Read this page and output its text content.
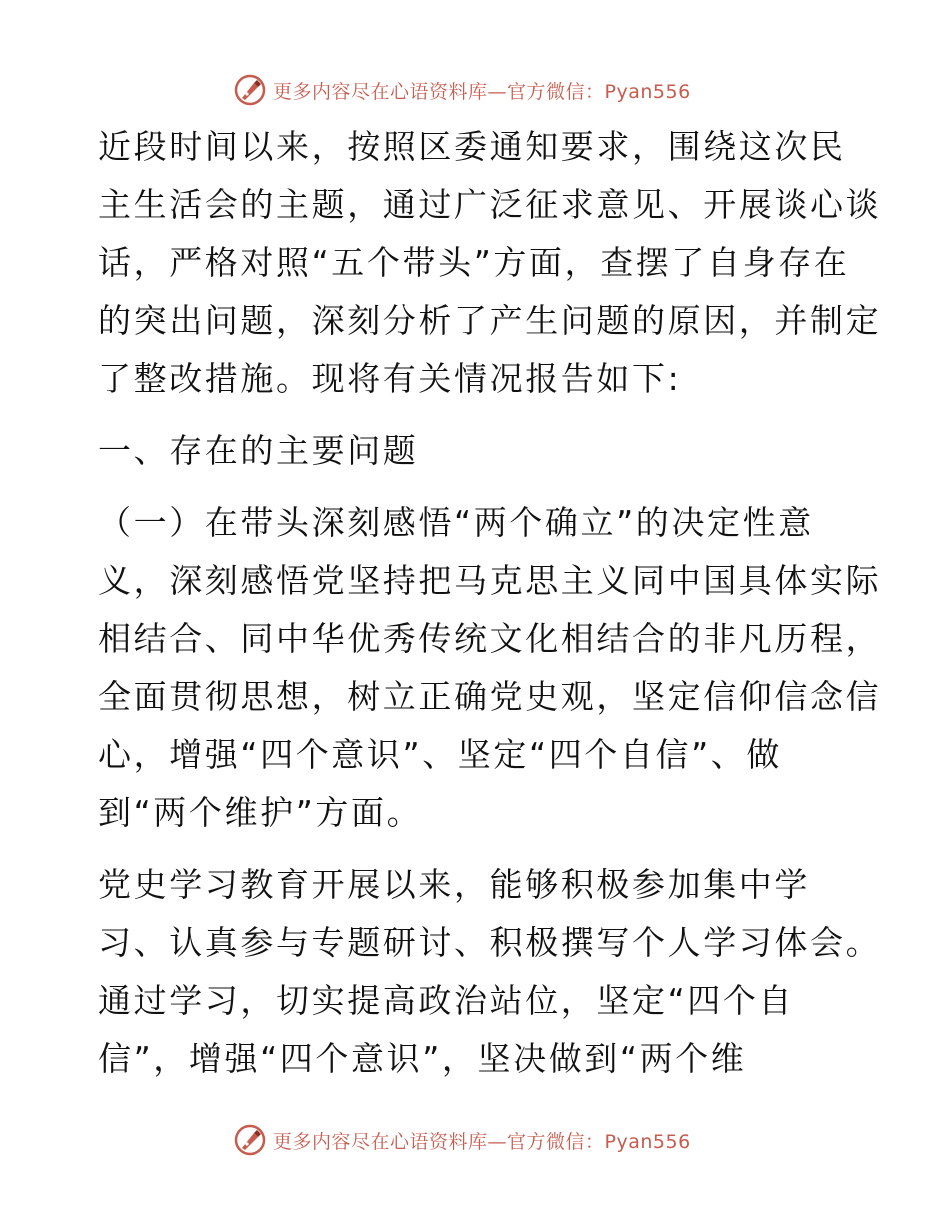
更多内容尽在心语资料库—官方微信：Pyan556
近段时间以来，按照区委通知要求，围绕这次民
主生活会的主题，通过广泛征求意见、开展谈心谈
话，严格对照“五个带头”方面，查摆了自身存在
的突出问题，深刻分析了产生问题的原因，并制定
了整改措施。现将有关情况报告如下:
一、存在的主要问题
（一）在带头深刻感悟“两个确立”的决定性意
义，深刻感悟党坚持把马克思主义同中国具体实际
相结合、同中华优秀传统文化相结合的非凡历程，
全面贯彻思想，树立正确党史观，坚定信仰信念信
心，增强“四个意识”、坚定“四个自信”、做
到“两个维护”方面。
党史学习教育开展以来，能够积极参加集中学
习、认真参与专题研讨、积极撰写个人学习体会。
通过学习，切实提高政治站位，坚定“四个自
信”，增强“四个意识”，坚决做到“两个维
更多内容尽在心语资料库—官方微信：Pyan556
